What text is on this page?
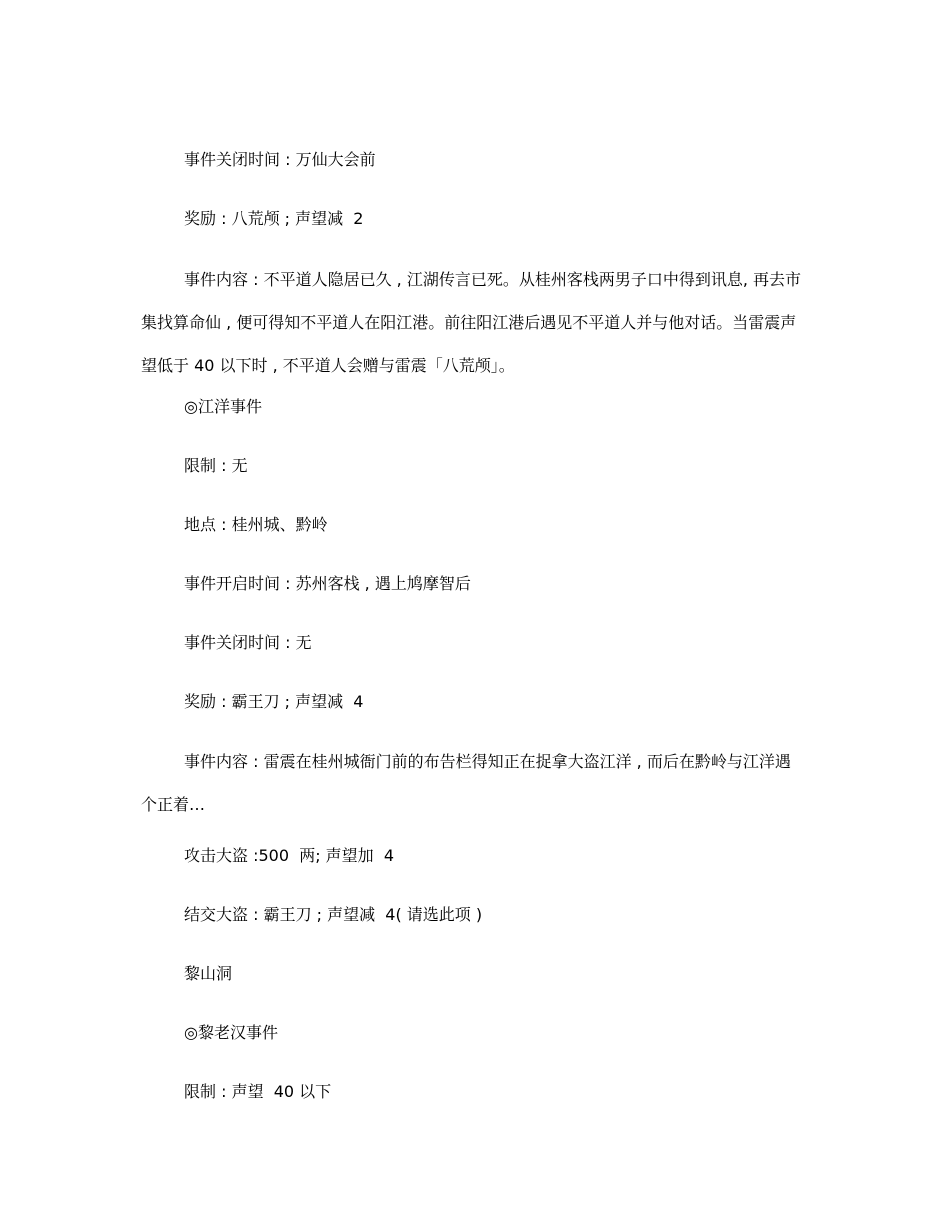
事件关闭时间 : 万仙大会前
奖励 : 八荒颅 ; 声望减  2

事件内容 : 不平道人隐居已久 , 江湖传言已死。从桂州客栈两男子口中得到讯息, 再去市集找算命仙 , 便可得知不平道人在阳江港。前往阳江港后遇见不平道人并与他对话。当雷震声望低于 40 以下时 , 不平道人会赠与雷震「八荒颅」。

◎江洋事件
限制 : 无
地点 : 桂州城、黔岭
事件开启时间 : 苏州客栈 , 遇上鸠摩智后
事件关闭时间 : 无
奖励 : 霸王刀 ; 声望减  4

事件内容 : 雷震在桂州城衙门前的布告栏得知正在捉拿大盗江洋 , 而后在黔岭与江洋遇个正着…

攻击大盗 :500  两; 声望加  4
结交大盗 : 霸王刀 ; 声望减  4( 请选此项 )
黎山洞
◎黎老汉事件
限制 : 声望  40 以下
